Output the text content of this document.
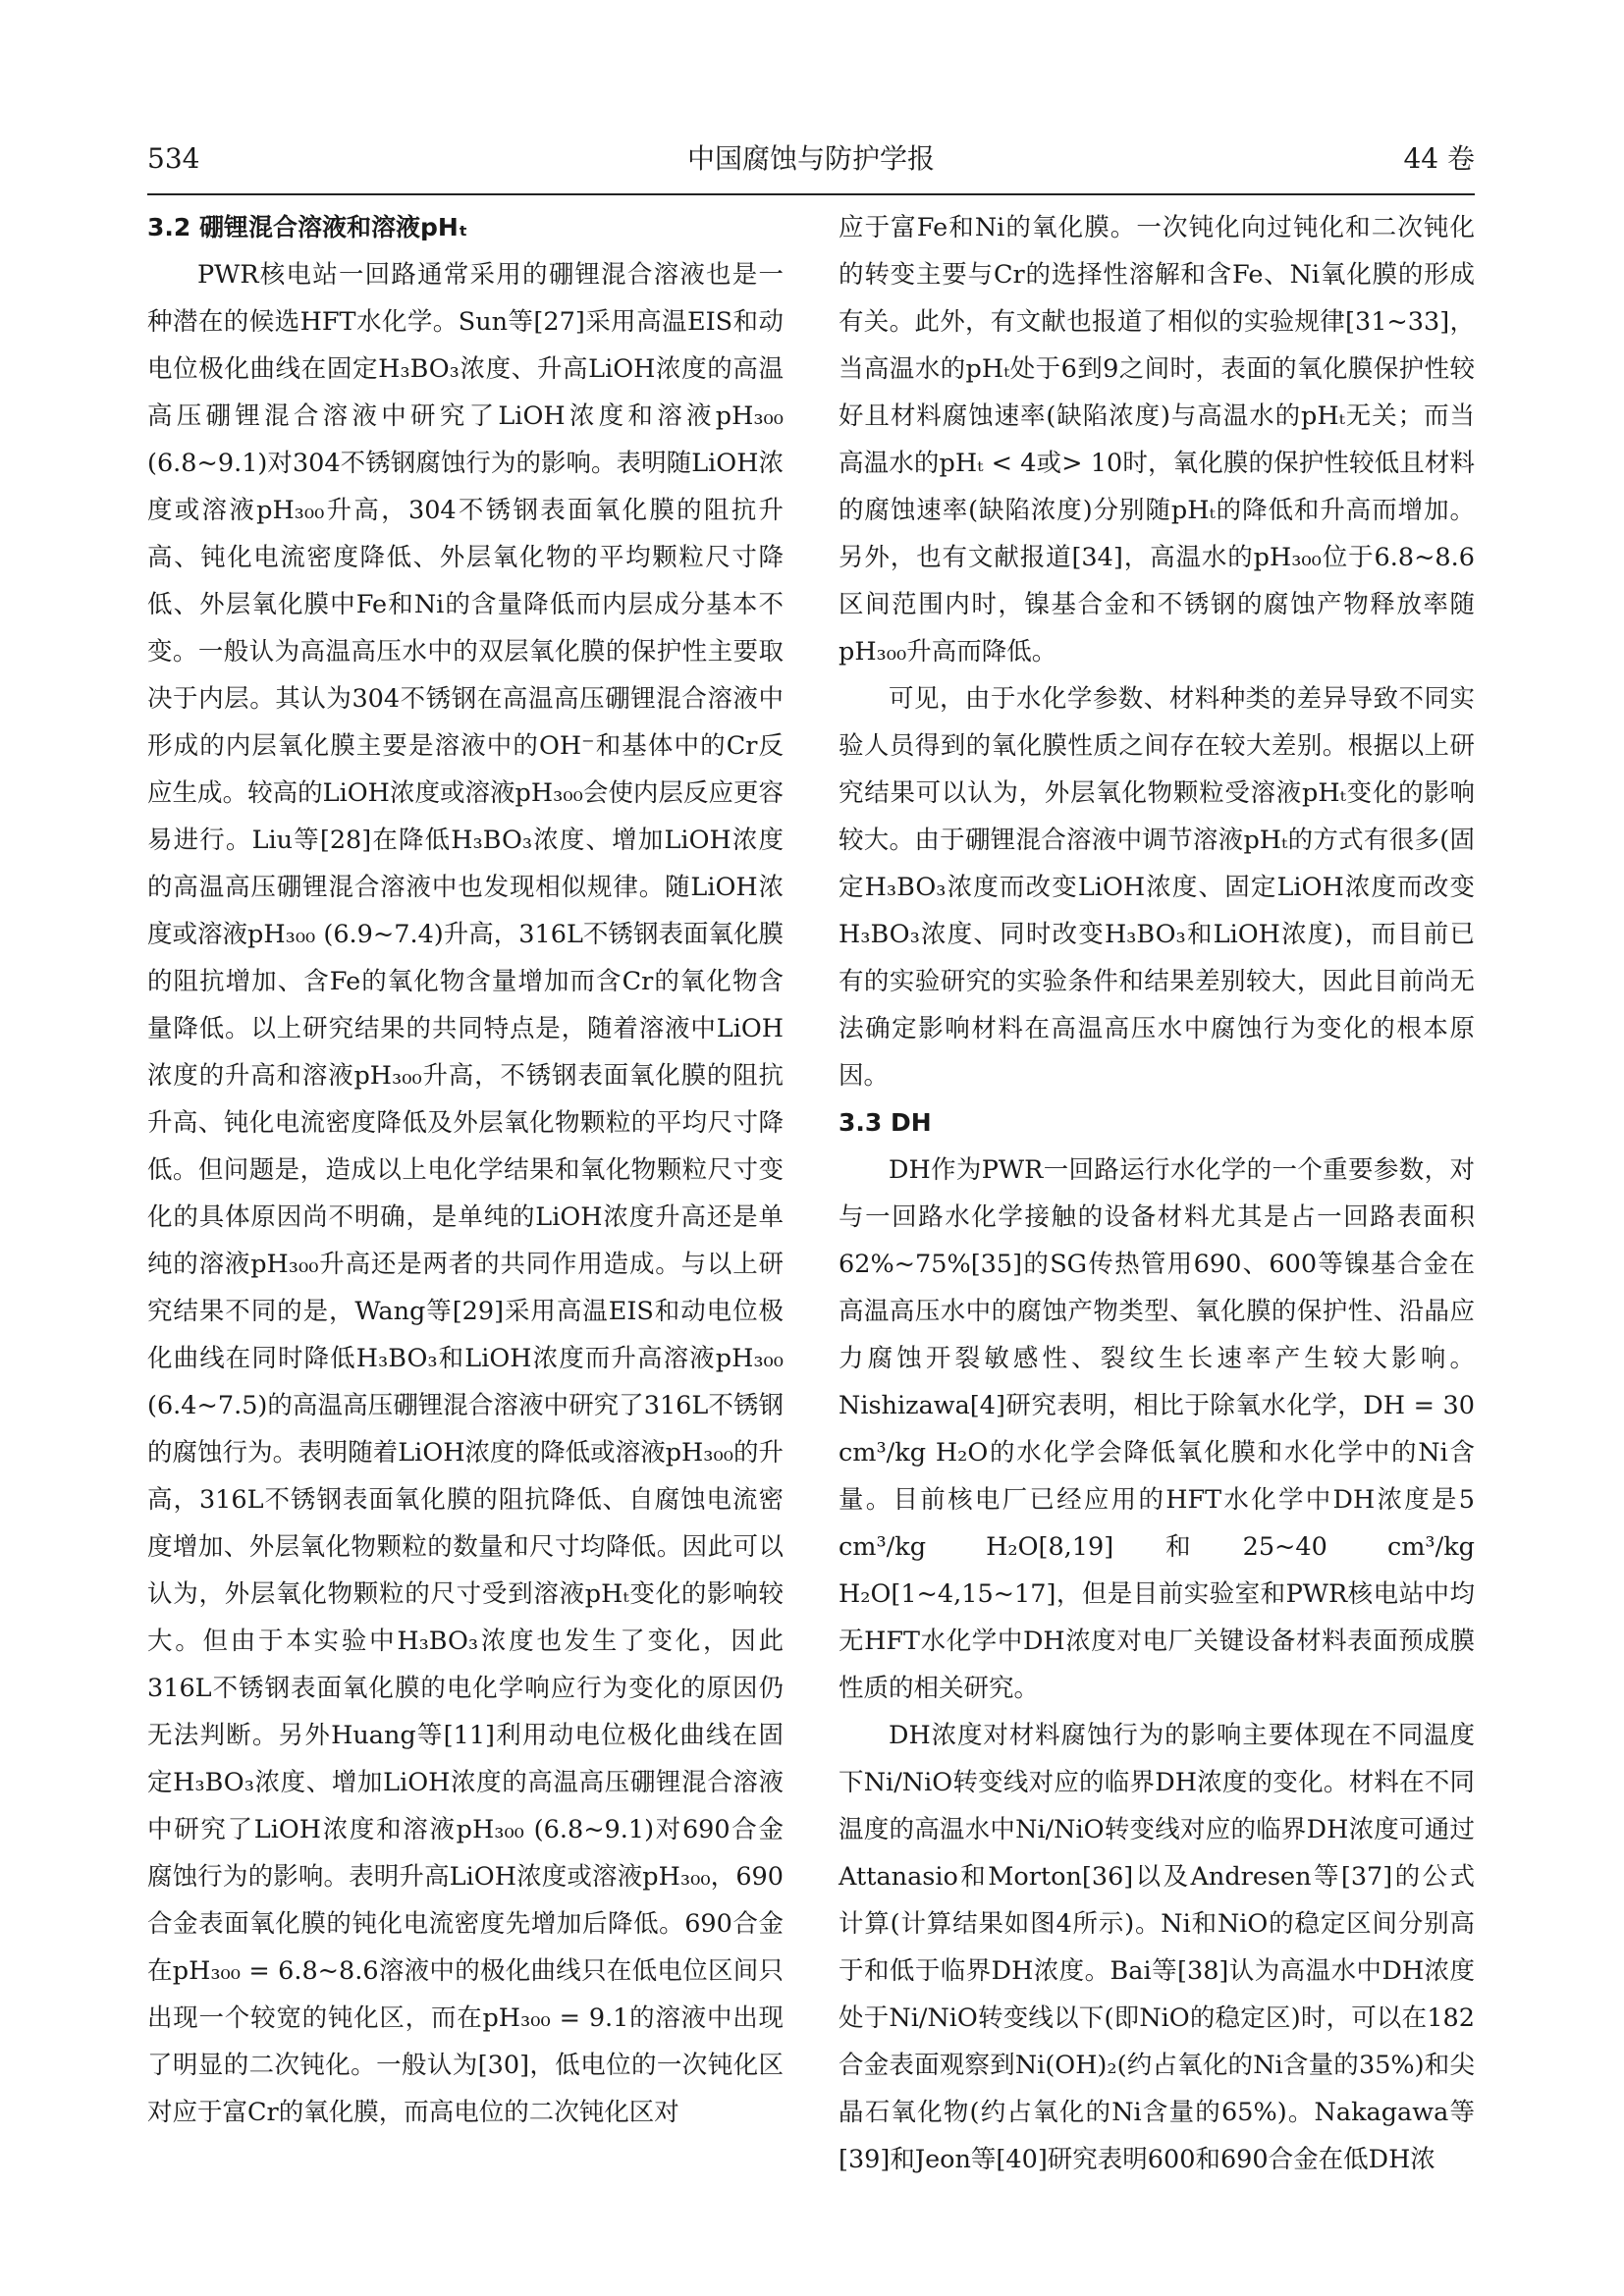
中国腐蚀与防护学报
534	44 卷
3.2 硼锂混合溶液和溶液pHₜ

PWR核电站一回路通常采用的硼锂混合溶液也是一种潜在的候选HFT水化学。Sun等[27]采用高温EIS和动电位极化曲线在固定H₃BO₃浓度、升高LiOH浓度的高温高压硼锂混合溶液中研究了LiOH浓度和溶液pH₃₀₀ (6.8~9.1)对304不锈钢腐蚀行为的影响。表明随LiOH浓度或溶液pH₃₀₀升高，304不锈钢表面氧化膜的阻抗升高、钝化电流密度降低、外层氧化物的平均颗粒尺寸降低、外层氧化膜中Fe和Ni的含量降低而内层成分基本不变。一般认为高温高压水中的双层氧化膜的保护性主要取决于内层。其认为304不锈钢在高温高压硼锂混合溶液中形成的内层氧化膜主要是溶液中的OH⁻和基体中的Cr反应生成。较高的LiOH浓度或溶液pH₃₀₀会使内层反应更容易进行。Liu等[28]在降低H₃BO₃浓度、增加LiOH浓度的高温高压硼锂混合溶液中也发现相似规律。随LiOH浓度或溶液pH₃₀₀ (6.9~7.4)升高，316L不锈钢表面氧化膜的阻抗增加、含Fe的氧化物含量增加而含Cr的氧化物含量降低。以上研究结果的共同特点是，随着溶液中LiOH浓度的升高和溶液pH₃₀₀升高，不锈钢表面氧化膜的阻抗升高、钝化电流密度降低及外层氧化物颗粒的平均尺寸降低。但问题是，造成以上电化学结果和氧化物颗粒尺寸变化的具体原因尚不明确，是单纯的LiOH浓度升高还是单纯的溶液pH₃₀₀升高还是两者的共同作用造成。与以上研究结果不同的是，Wang等[29]采用高温EIS和动电位极化曲线在同时降低H₃BO₃和LiOH浓度而升高溶液pH₃₀₀ (6.4~7.5)的高温高压硼锂混合溶液中研究了316L不锈钢的腐蚀行为。表明随着LiOH浓度的降低或溶液pH₃₀₀的升高，316L不锈钢表面氧化膜的阻抗降低、自腐蚀电流密度增加、外层氧化物颗粒的数量和尺寸均降低。因此可以认为，外层氧化物颗粒的尺寸受到溶液pHₜ变化的影响较大。但由于本实验中H₃BO₃浓度也发生了变化，因此316L不锈钢表面氧化膜的电化学响应行为变化的原因仍无法判断。另外Huang等[11]利用动电位极化曲线在固定H₃BO₃浓度、增加LiOH浓度的高温高压硼锂混合溶液中研究了LiOH浓度和溶液pH₃₀₀ (6.8~9.1)对690合金腐蚀行为的影响。表明升高LiOH浓度或溶液pH₃₀₀，690合金表面氧化膜的钝化电流密度先增加后降低。690合金在pH₃₀₀ = 6.8~8.6溶液中的极化曲线只在低电位区间只出现一个较宽的钝化区，而在pH₃₀₀ = 9.1的溶液中出现了明显的二次钝化。一般认为[30]，低电位的一次钝化区对应于富Cr的氧化膜，而高电位的二次钝化区对

应于富Fe和Ni的氧化膜。一次钝化向过钝化和二次钝化的转变主要与Cr的选择性溶解和含Fe、Ni氧化膜的形成有关。此外，有文献也报道了相似的实验规律[31~33]，当高温水的pHₜ处于6到9之间时，表面的氧化膜保护性较好且材料腐蚀速率(缺陷浓度)与高温水的pHₜ无关；而当高温水的pHₜ < 4或> 10时，氧化膜的保护性较低且材料的腐蚀速率(缺陷浓度)分别随pHₜ的降低和升高而增加。另外，也有文献报道[34]，高温水的pH₃₀₀位于6.8~8.6区间范围内时，镍基合金和不锈钢的腐蚀产物释放率随pH₃₀₀升高而降低。

可见，由于水化学参数、材料种类的差异导致不同实验人员得到的氧化膜性质之间存在较大差别。根据以上研究结果可以认为，外层氧化物颗粒受溶液pHₜ变化的影响较大。由于硼锂混合溶液中调节溶液pHₜ的方式有很多(固定H₃BO₃浓度而改变LiOH浓度、固定LiOH浓度而改变H₃BO₃浓度、同时改变H₃BO₃和LiOH浓度)，而目前已有的实验研究的实验条件和结果差别较大，因此目前尚无法确定影响材料在高温高压水中腐蚀行为变化的根本原因。

3.3 DH

DH作为PWR一回路运行水化学的一个重要参数，对与一回路水化学接触的设备材料尤其是占一回路表面积62%~75%[35]的SG传热管用690、600等镍基合金在高温高压水中的腐蚀产物类型、氧化膜的保护性、沿晶应力腐蚀开裂敏感性、裂纹生长速率产生较大影响。Nishizawa[4]研究表明，相比于除氧水化学，DH = 30 cm³/kg H₂O的水化学会降低氧化膜和水化学中的Ni含量。目前核电厂已经应用的HFT水化学中DH浓度是5 cm³/kg H₂O[8,19]和25~40 cm³/kg H₂O[1~4,15~17]，但是目前实验室和PWR核电站中均无HFT水化学中DH浓度对电厂关键设备材料表面预成膜性质的相关研究。

DH浓度对材料腐蚀行为的影响主要体现在不同温度下Ni/NiO转变线对应的临界DH浓度的变化。材料在不同温度的高温水中Ni/NiO转变线对应的临界DH浓度可通过Attanasio和Morton[36]以及Andresen等[37]的公式计算(计算结果如图4所示)。Ni和NiO的稳定区间分别高于和低于临界DH浓度。Bai等[38]认为高温水中DH浓度处于Ni/NiO转变线以下(即NiO的稳定区)时，可以在182合金表面观察到Ni(OH)₂(约占氧化的Ni含量的35%)和尖晶石氧化物(约占氧化的Ni含量的65%)。Nakagawa等[39]和Jeon等[40]研究表明600和690合金在低DH浓
